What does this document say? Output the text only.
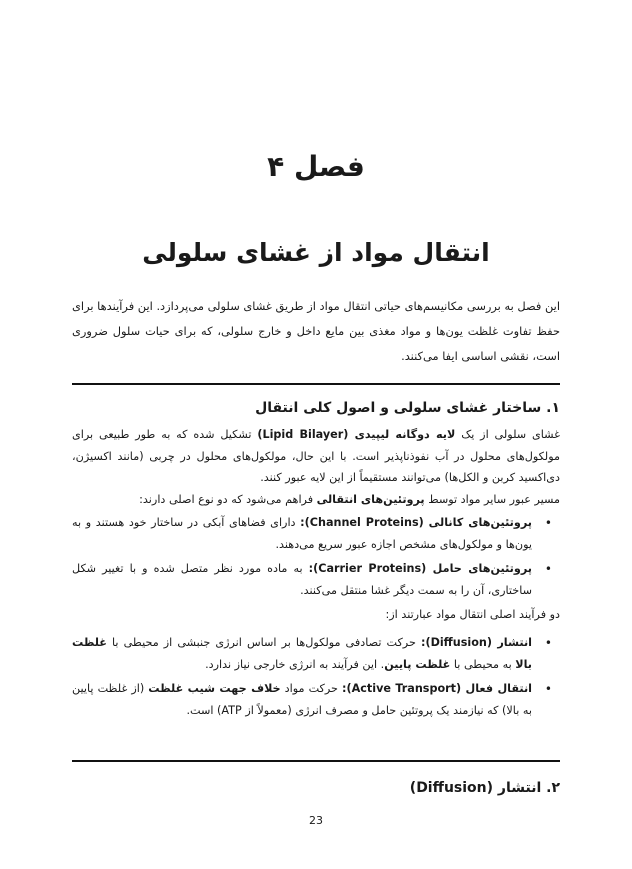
فصل ۴
انتقال مواد از غشای سلولی

این فصل به بررسی مکانیسم‌های حیاتی انتقال مواد از طریق غشای سلولی می‌پردازد. این فرآیندها برای حفظ تفاوت غلظت یون‌ها و مواد مغذی بین مایع داخل و خارج سلولی، که برای حیات سلول ضروری است، نقشی اساسی ایفا می‌کنند.

۱. ساختار غشای سلولی و اصول کلی انتقال

غشای سلولی از یک لایه دوگانه لیپیدی (Lipid Bilayer) تشکیل شده که به طور طبیعی برای مولکول‌های محلول در آب نفوذناپذیر است. با این حال، مولکول‌های محلول در چربی (مانند اکسیژن، دی‌اکسید کربن و الکل‌ها) می‌توانند مستقیماً از این لایه عبور کنند.

مسیر عبور سایر مواد توسط پروتئین‌های انتقالی فراهم می‌شود که دو نوع اصلی دارند:

•
پروتئین‌های کانالی (Channel Proteins): دارای فضاهای آبکی در ساختار خود هستند و به یون‌ها و مولکول‌های مشخص اجازه عبور سریع می‌دهند.
•
پروتئین‌های حامل (Carrier Proteins): به ماده مورد نظر متصل شده و با تغییر شکل ساختاری، آن را به سمت دیگر غشا منتقل می‌کنند.

دو فرآیند اصلی انتقال مواد عبارتند از:

•
انتشار (Diffusion): حرکت تصادفی مولکول‌ها بر اساس انرژی جنبشی از محیطی با غلظت بالا به محیطی با غلظت پایین. این فرآیند به انرژی خارجی نیاز ندارد.
•
انتقال فعال (Active Transport): حرکت مواد خلاف جهت شیب غلظت (از غلظت پایین به بالا) که نیازمند یک پروتئین حامل و مصرف انرژی (معمولاً از ATP) است.
۲. انتشار (Diffusion)
23
